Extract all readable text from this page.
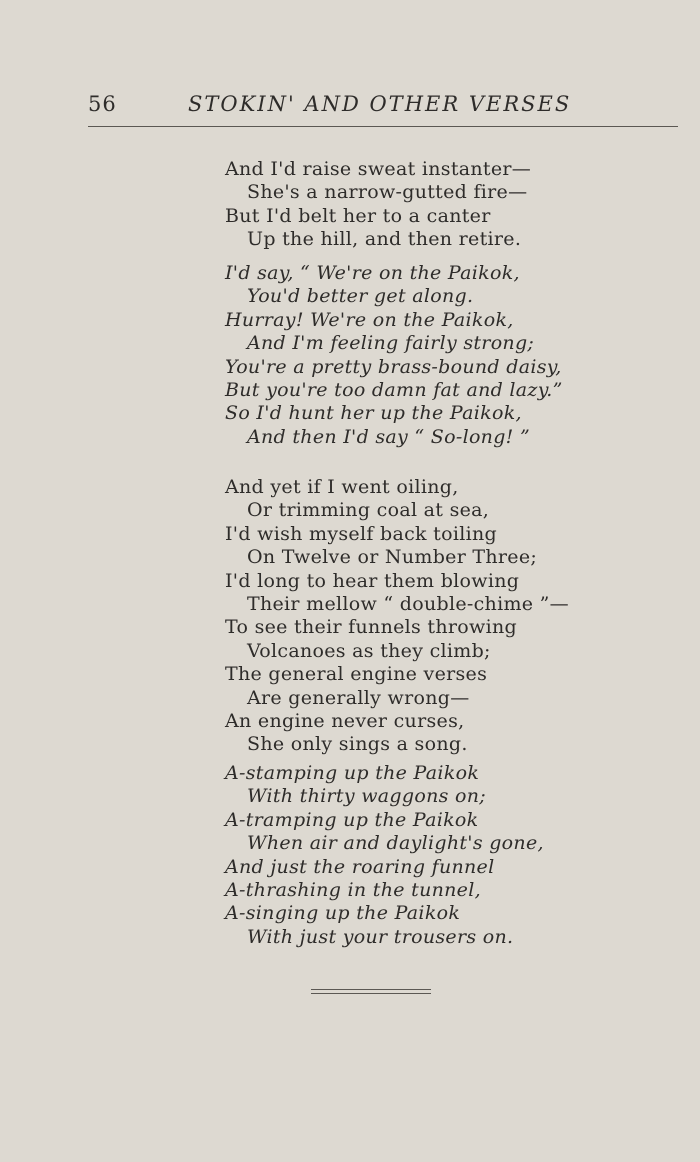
56	STOKIN' AND OTHER VERSES
And I'd raise sweat instanter—
She's a narrow-gutted fire—
But I'd belt her to a canter
Up the hill, and then retire.
I'd say, “ We're on the Paikok,
You'd better get along.
Hurray! We're on the Paikok,
And I'm feeling fairly strong;
You're a pretty brass-bound daisy,
But you're too damn fat and lazy.”
So I'd hunt her up the Paikok,
And then I'd say “ So-long! ”
And yet if I went oiling,
Or trimming coal at sea,
I'd wish myself back toiling
On Twelve or Number Three;
I'd long to hear them blowing
Their mellow “ double-chime ”—
To see their funnels throwing
Volcanoes as they climb;
The general engine verses
Are generally wrong—
An engine never curses,
She only sings a song.
A-stamping up the Paikok
With thirty waggons on;
A-tramping up the Paikok
When air and daylight's gone,
And just the roaring funnel
A-thrashing in the tunnel,
A-singing up the Paikok
With just your trousers on.
